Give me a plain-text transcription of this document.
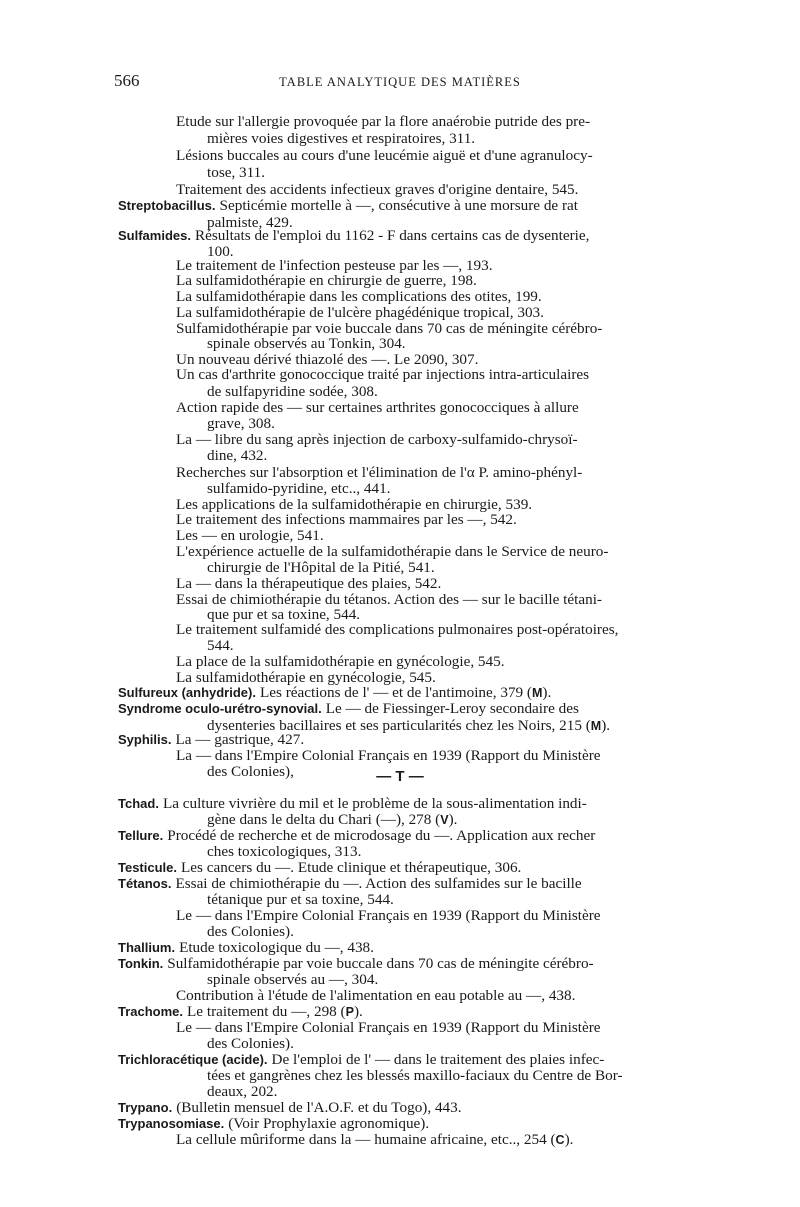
566	TABLE ANALYTIQUE DES MATIÈRES
— T —
Etude sur l'allergie provoquée par la flore anaérobie putride des pre-
mières voies digestives et respiratoires, 311.
Lésions buccales au cours d'une leucémie aiguë et d'une agranulocy-
tose, 311.
Traitement des accidents infectieux graves d'origine dentaire, 545.
Streptobacillus. Septicémie mortelle à —, consécutive à une morsure de rat
palmiste, 429.
Sulfamides. Résultats de l'emploi du 1162 - F dans certains cas de dysenterie,
100.
Le traitement de l'infection pesteuse par les —, 193.
La sulfamidothérapie en chirurgie de guerre, 198.
La sulfamidothérapie dans les complications des otites, 199.
La sulfamidothérapie de l'ulcère phagédénique tropical, 303.
Sulfamidothérapie par voie buccale dans 70 cas de méningite cérébro-
spinale observés au Tonkin, 304.
Un nouveau dérivé thiazolé des —. Le 2090, 307.
Un cas d'arthrite gonococcique traité par injections intra-articulaires
de sulfapyridine sodée, 308.
Action rapide des — sur certaines arthrites gonococciques à allure
grave, 308.
La — libre du sang après injection de carboxy-sulfamido-chrysoï-
dine, 432.
Recherches sur l'absorption et l'élimination de l'α P. amino-phényl-
sulfamido-pyridine, etc.., 441.
Les applications de la sulfamidothérapie en chirurgie, 539.
Le traitement des infections mammaires par les —, 542.
Les — en urologie, 541.
L'expérience actuelle de la sulfamidothérapie dans le Service de neuro-
chirurgie de l'Hôpital de la Pitié, 541.
La — dans la thérapeutique des plaies, 542.
Essai de chimiothérapie du tétanos. Action des — sur le bacille tétani-
que pur et sa toxine, 544.
Le traitement sulfamidé des complications pulmonaires post-opératoires,
544.
La place de la sulfamidothérapie en gynécologie, 545.
La sulfamidothérapie en gynécologie, 545.
Sulfureux (anhydride). Les réactions de l' — et de l'antimoine, 379 (M).
Syndrome oculo-urétro-synovial. Le — de Fiessinger-Leroy secondaire des
dysenteries bacillaires et ses particularités chez les Noirs, 215 (M).
Syphilis. La — gastrique, 427.
La — dans l'Empire Colonial Français en 1939 (Rapport du Ministère
des Colonies),
Tchad. La culture vivrière du mil et le problème de la sous-alimentation indi-
gène dans le delta du Chari (—), 278 (V).
Tellure. Procédé de recherche et de microdosage du —. Application aux recher
ches toxicologiques, 313.
Testicule. Les cancers du —. Etude clinique et thérapeutique, 306.
Tétanos. Essai de chimiothérapie du —. Action des sulfamides sur le bacille
tétanique pur et sa toxine, 544.
Le — dans l'Empire Colonial Français en 1939 (Rapport du Ministère
des Colonies).
Thallium. Etude toxicologique du —, 438.
Tonkin. Sulfamidothérapie par voie buccale dans 70 cas de méningite cérébro-
spinale observés au —, 304.
Contribution à l'étude de l'alimentation en eau potable au —, 438.
Trachome. Le traitement du —, 298 (P).
Le — dans l'Empire Colonial Français en 1939 (Rapport du Ministère
des Colonies).
Trichloracétique (acide). De l'emploi de l' — dans le traitement des plaies infec-
tées et gangrènes chez les blessés maxillo-faciaux du Centre de Bor-
deaux, 202.
Trypano. (Bulletin mensuel de l'A.O.F. et du Togo), 443.
Trypanosomiase. (Voir Prophylaxie agronomique).
La cellule mûriforme dans la — humaine africaine, etc.., 254 (C).
